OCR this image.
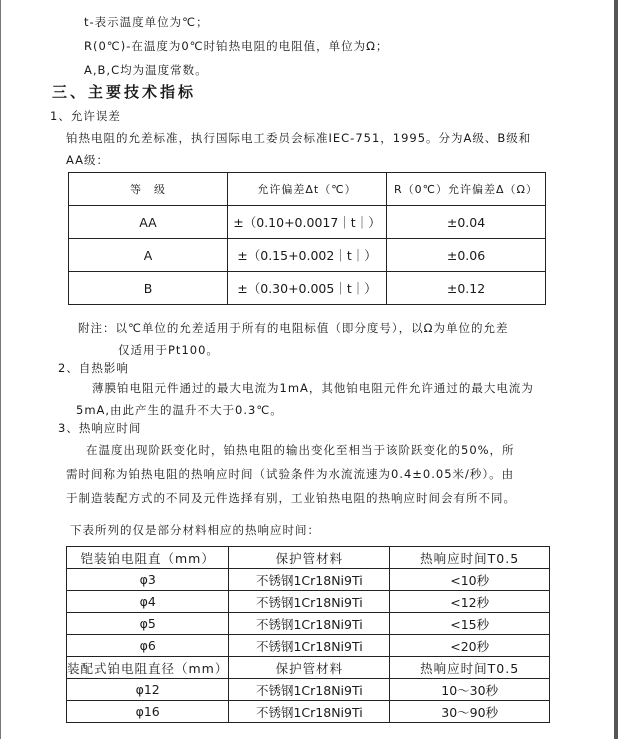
t-表示温度单位为℃；
R(0℃)-在温度为0℃时铂热电阻的电阻值，单位为Ω；
A,B,C均为温度常数。
三、主要技术指标
1、允许误差
铂热电阻的允差标准，执行国际电工委员会标准IEC-751，1995。分为A级、B级和
AA级：
等　级	允许偏差Δt（℃）	R（0℃）允许偏差Δ（Ω）
AA	±（0.10+0.0017｜t｜）	±0.04
A	±（0.15+0.002｜t｜）	±0.06
B	±（0.30+0.005｜t｜）	±0.12
附注：以℃单位的允差适用于所有的电阻标值（即分度号），以Ω为单位的允差
仅适用于Pt100。
2、自热影响
薄膜铂电阻元件通过的最大电流为1mA，其他铂电阻元件允许通过的最大电流为
5mA,由此产生的温升不大于0.3℃。
3、热响应时间
在温度出现阶跃变化时，铂热电阻的输出变化至相当于该阶跃变化的50%，所
需时间称为铂热电阻的热响应时间（试验条件为水流流速为0.4±0.05米/秒）。由
于制造装配方式的不同及元件选择有别，工业铂热电阻的热响应时间会有所不同。
下表所列的仅是部分材料相应的热响应时间：
铠装铂电阻直（mm）	保护管材料	热响应时间T0.5
φ3	不锈钢1Cr18Ni9Ti	<10秒
φ4	不锈钢1Cr18Ni9Ti	<12秒
φ5	不锈钢1Cr18Ni9Ti	<15秒
φ6	不锈钢1Cr18Ni9Ti	<20秒
装配式铂电阻直径（mm）	保护管材料	热响应时间T0.5
φ12	不锈钢1Cr18Ni9Ti	10～30秒
φ16	不锈钢1Cr18Ni9Ti	30～90秒
